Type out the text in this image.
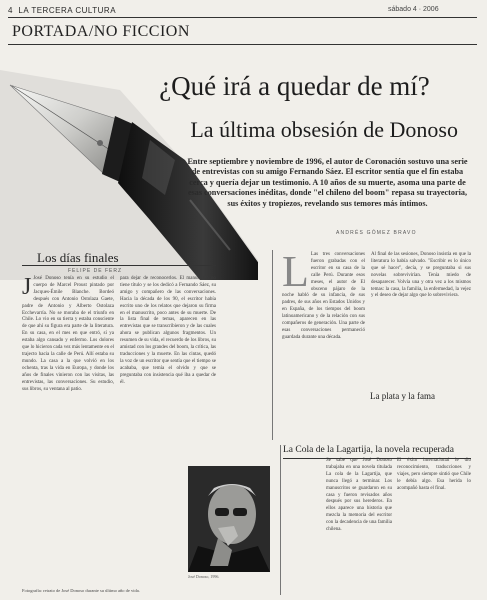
4 LA TERCERA CULTURA	sábado 4 · 2006
PORTADA/NO FICCION
¿Qué irá a quedar de mí?
La última obsesión de Donoso
Entre septiembre y noviembre de 1996, el autor de Coronación sostuvo una serie de entrevistas con su amigo Fernando Sáez. El escritor sentía que el fin estaba cerca y quería dejar un testimonio. A 10 años de su muerte, asoma una parte de esas conversaciones inéditas, donde "el chileno del boom" repasa su trayectoria, sus éxitos y tropiezos, revelando sus temores más íntimos.
ANDRÉS GÓMEZ BRAVO
Los días finales
FELIPE DE FERZ
J José Donoso tenía en su estudio el cuerpo de Marcel Proust pintado por Jacques-Émile Blanche. Bordeó después con Antonio Ostolaza Gaete, padre de Antonio y Alberto Ostolaza Ecchevarría. No se moraba de el triunfo en Chile. Lo vio en su tierra y estaba consciente de que ahí su figura era parte de la literatura. En su casa, en el mes en que entró, sí ya estaba algo cansado y enfermo. Los dolores que lo hicieron cada vez más lentamente en el trajecto hacia la calle de Perú. Allí estaba su mundo. La casa a la que volvió en los ochenta, tras la vida en Europa, y donde los años de finales vinieron con las visitas, las entrevistas, las conversaciones. Su estudio, sus libros, su ventana al patio.
para dejar de reconocerlos. El manuscrito no tiene título y se los dedicó a Fernando Sáez, su amigo y compañero de las conversaciones. Hacia la década de los 90, el escritor había escrito uno de los relatos que dejaron su firma en el manuscrito, poco antes de su muerte. De la lista final de temas, aparecen en las entrevistas que se transcribieron y de las cuales ahora se publican algunos fragmentos. Un resumen de su vida, el recuerdo de los libros, su amistad con los grandes del boom, la crítica, las traducciones y la muerte. En las cintas, quedó la voz de un escritor que sentía que el tiempo se acababa, que temía el olvido y que se preguntaba con insistencia qué iba a quedar de él.
L Las tres conversaciones fueron grabadas con el escritor en su casa de la calle Perú. Durante esos meses, el autor de El obsceno pájaro de la noche habló de su infancia, de sus padres, de sus años en Estados Unidos y en España, de los tiempos del boom latinoamericano y de la relación con sus compañeros de generación. Una parte de esas conversaciones permaneció guardada durante una década.
Al final de las sesiones, Donoso insistía en que la literatura lo había salvado. "Escribir es lo único que sé hacer", decía, y se preguntaba si sus novelas sobrevivirían. Tenía miedo de desaparecer. Volvía una y otra vez a los mismos temas: la casa, la familia, la enfermedad, la vejez y el deseo de dejar algo que lo sobreviviera.
La plata y la fama
La Cola de la Lagartija, la novela recuperada
José Donoso, 1996.
Se sabe que José Donoso trabajaba en una novela titulada La cola de la Lagartija, que nunca llegó a terminar. Los manuscritos se guardaron en su casa y fueron revisados años después por sus herederos. En ellos aparece una historia que mezcla la memoria del escritor con la decadencia de una familia chilena.
El éxito internacional le dio reconocimiento, traducciones y viajes, pero siempre sintió que Chile le debía algo. Esa herida lo acompañó hasta el final.
Fotografía: retrato de José Donoso durante su último año de vida.
